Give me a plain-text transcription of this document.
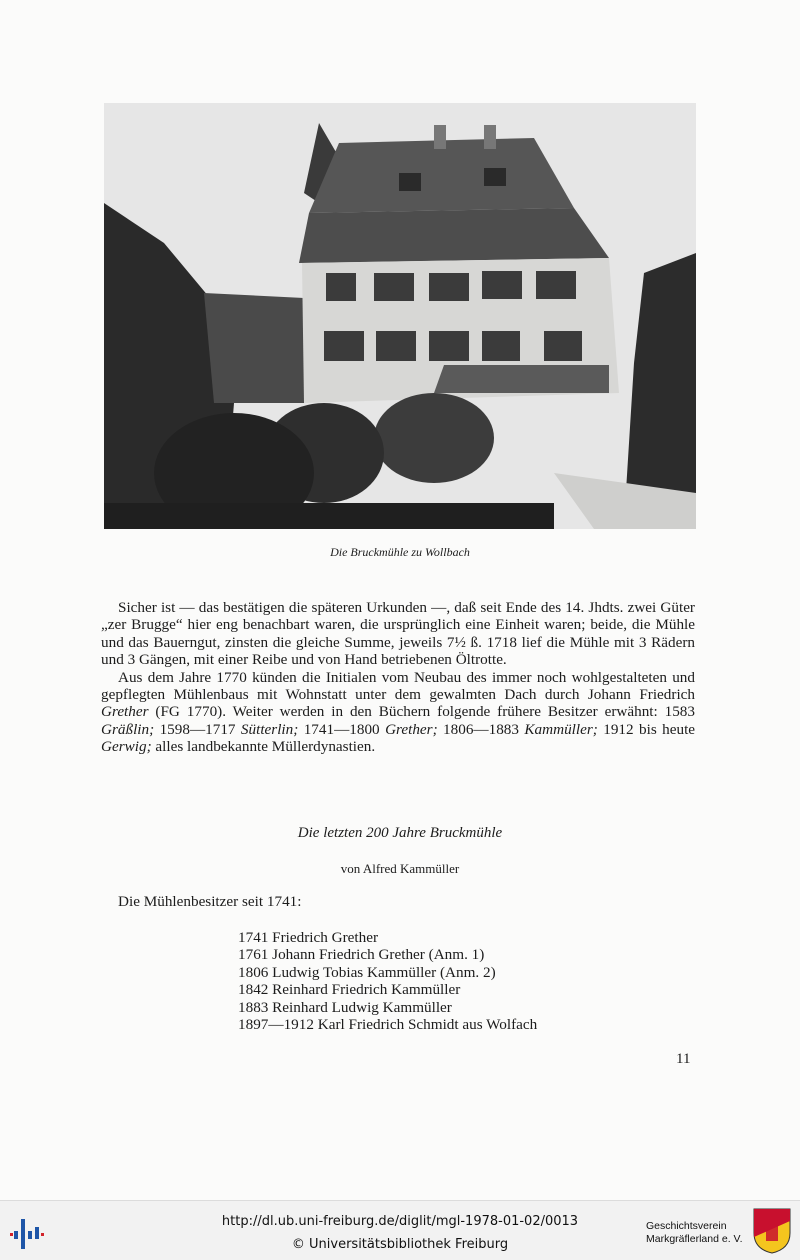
Die Bruckmühle zu Wollbach

Sicher ist — das bestätigen die späteren Urkunden —, daß seit Ende des 14. Jhdts. zwei Güter „zer Brugge“ hier eng benachbart waren, die ursprünglich eine Einheit waren; beide, die Mühle und das Bauerngut, zinsten die gleiche Summe, jeweils 7½ ß. 1718 lief die Mühle mit 3 Rädern und 3 Gängen, mit einer Reibe und von Hand betriebenen Öltrotte.

Aus dem Jahre 1770 künden die Initialen vom Neubau des immer noch wohlgestalteten und gepflegten Mühlenbaus mit Wohnstatt unter dem gewalmten Dach durch Johann Friedrich Grether (FG 1770). Weiter werden in den Büchern folgende frühere Besitzer erwähnt: 1583 Gräßlin; 1598—1717 Sütterlin; 1741—1800 Grether; 1806—1883 Kammüller; 1912 bis heute Gerwig; alles landbekannte Müllerdynastien.

Die letzten 200 Jahre Bruckmühle
von Alfred Kammüller
Die Mühlenbesitzer seit 1741:
1741 Friedrich Grether
1761 Johann Friedrich Grether (Anm. 1)
1806 Ludwig Tobias Kammüller (Anm. 2)
1842 Reinhard Friedrich Kammüller
1883 Reinhard Ludwig Kammüller
1897—1912 Karl Friedrich Schmidt aus Wolfach
11
http://dl.ub.uni-freiburg.de/diglit/mgl-1978-01-02/0013
© Universitätsbibliothek Freiburg
Geschichtsverein
Markgräflerland e. V.
